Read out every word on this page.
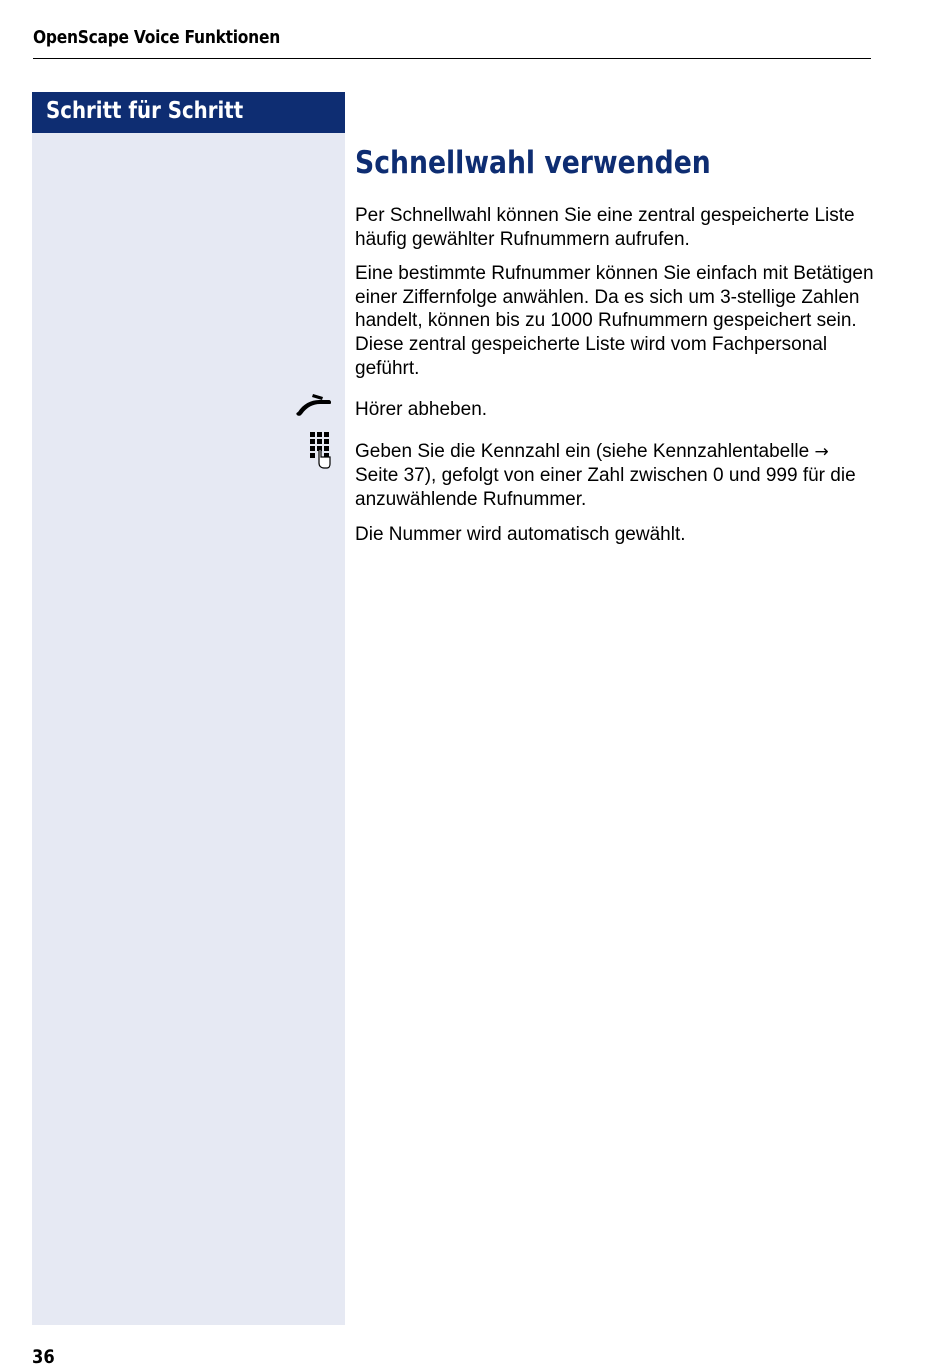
OpenScape Voice Funktionen
Schritt für Schritt
Schnellwahl verwenden

Per Schnellwahl können Sie eine zentral gespeicherte Liste häufig gewählter Rufnummern aufrufen.

Eine bestimmte Rufnummer können Sie einfach mit Betätigen einer Ziffernfolge anwählen. Da es sich um 3-stellige Zahlen handelt, können bis zu 1000 Rufnummern gespeichert sein. Diese zentral gespeicherte Liste wird vom Fachpersonal geführt.

Hörer abheben.

Geben Sie die Kennzahl ein (siehe Kennzahlentabelle → Seite 37), gefolgt von einer Zahl zwischen 0 und 999 für die anzuwählende Rufnummer.

Die Nummer wird automatisch gewählt.

36
